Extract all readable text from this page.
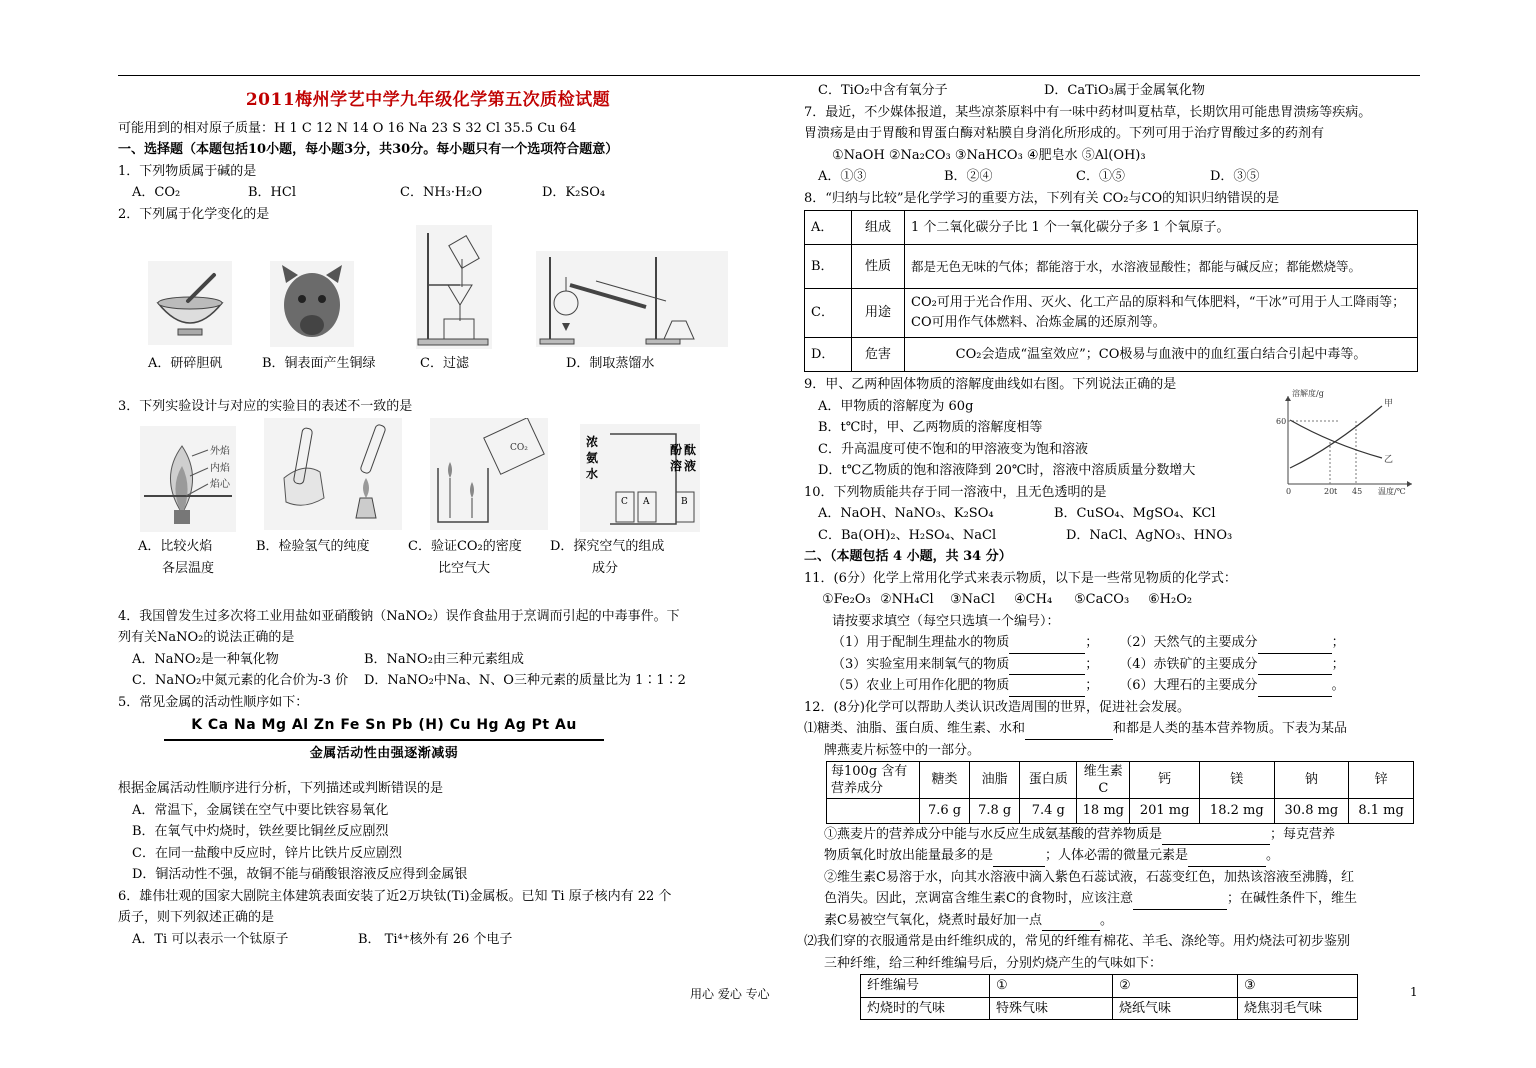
2011梅州学艺中学九年级化学第五次质检试题
可能用到的相对原子质量：H 1 C 12 N 14 O 16 Na 23 S 32 Cl 35.5 Cu 64
一、选择题（本题包括10小题，每小题3分，共30分。每小题只有一个选项符合题意）
1．下列物质属于碱的是
A．CO₂	B．HCl	C．NH₃·H₂O	D．K₂SO₄
2．下列属于化学变化的是
A．研碎胆矾	B．铜表面产生铜绿	C．过滤	D．制取蒸馏水
3．下列实验设计与对应的实验目的表述不一致的是
外焰
内焰
焰心
CO₂
C A	B
浓
氨
水
酚 酞
溶 液
A．比较火焰	B．检验氢气的纯度	C．验证CO₂的密度 D．探究空气的组成
各层温度	比空气大	成分
4．我国曾发生过多次将工业用盐如亚硝酸钠（NaNO₂）误作食盐用于烹调而引起的中毒事件。下
列有关NaNO₂的说法正确的是
A．NaNO₂是一种氧化物	B．NaNO₂由三种元素组成
C．NaNO₂中氮元素的化合价为-3 价	D．NaNO₂中Na、N、O三种元素的质量比为 1∶1∶2
5．常见金属的活动性顺序如下：
K Ca Na Mg Al Zn Fe Sn Pb (H) Cu Hg Ag Pt Au
金属活动性由强逐渐减弱
根据金属活动性顺序进行分析，下列描述或判断错误的是
A．常温下，金属镁在空气中要比铁容易氧化
B．在氧气中灼烧时，铁丝要比铜丝反应剧烈
C．在同一盐酸中反应时，锌片比铁片反应剧烈
D．铜活动性不强，故铜不能与硝酸银溶液反应得到金属银
6．雄伟壮观的国家大剧院主体建筑表面安装了近2万块钛(Ti)金属板。已知 Ti 原子核内有 22 个
质子，则下列叙述正确的是
A．Ti 可以表示一个钛原子	B． Ti⁴⁺核外有 26 个电子
C．TiO₂中含有氧分子	D．CaTiO₃属于金属氧化物
7．最近，不少媒体报道，某些凉茶原料中有一味中药材叫夏枯草，长期饮用可能患胃溃疡等疾病。
胃溃疡是由于胃酸和胃蛋白酶对粘膜自身消化所形成的。下列可用于治疗胃酸过多的药剂有
①NaOH ②Na₂CO₃ ③NaHCO₃ ④肥皂水 ⑤Al(OH)₃
A．①③	B．②④	C．①⑤	D．③⑤
8．“归纳与比较”是化学学习的重要方法，下列有关 CO₂与CO的知识归纳错误的是
A．	组成	1 个二氧化碳分子比 1 个一氧化碳分子多 1 个氧原子。
B．	性质	都是无色无味的气体；都能溶于水，水溶液显酸性；都能与碱反应；都能燃烧等。
C．	用途	CO₂可用于光合作用、灭火、化工产品的原料和气体肥料，“干冰”可用于人工降雨等；CO可用作气体燃料、冶炼金属的还原剂等。
D．	危害	CO₂会造成“温室效应”；CO极易与血液中的血红蛋白结合引起中毒等。
9．甲、乙两种固体物质的溶解度曲线如右图。下列说法正确的是
A．甲物质的溶解度为 60g
B．t℃时，甲、乙两物质的溶解度相等
C．升高温度可使不饱和的甲溶液变为饱和溶液
D．t℃乙物质的饱和溶液降到 20℃时，溶液中溶质质量分数增大
10．下列物质能共存于同一溶液中，且无色透明的是
A．NaOH、NaNO₃、K₂SO₄	B．CuSO₄、MgSO₄、KCl
C．Ba(OH)₂、H₂SO₄、NaCl	D．NaCl、AgNO₃、HNO₃
二、（本题包括 4 小题，共 34 分）
11．(6分）化学上常用化学式来表示物质，以下是一些常见物质的化学式：
①Fe₂O₃ ②NH₄Cl	③NaCl	④CH₄	⑤CaCO₃	⑥H₂O₂
请按要求填空（每空只选填一个编号）：
（1）用于配制生理盐水的物质	；	（2）天然气的主要成分	；
（3）实验室用来制氧气的物质	；	（4）赤铁矿的主要成分	；
（5）农业上可用作化肥的物质	；	（6）大理石的主要成分	。
12．(8分)化学可以帮助人类认识改造周围的世界，促进社会发展。
⑴糖类、油脂、蛋白质、维生素、水和	和都是人类的基本营养物质。下表为某品
牌燕麦片标签中的一部分。
每100g 含有营养成分	糖类	油脂	蛋白质	维生素C	钙	镁	钠	锌
	7.6 g	7.8 g	7.4 g	18 mg	201 mg	18.2 mg	30.8 mg	8.1 mg
①燕麦片的营养成分中能与水反应生成氨基酸的营养物质是	；每克营养
物质氧化时放出能量最多的是	；人体必需的微量元素是	。
②维生素C易溶于水，向其水溶液中滴入紫色石蕊试液，石蕊变红色，加热该溶液至沸腾，红
色消失。因此，烹调富含维生素C的食物时，应该注意	；在碱性条件下，维生
素C易被空气氧化，烧煮时最好加一点	。
⑵我们穿的衣服通常是由纤维织成的，常见的纤维有棉花、羊毛、涤纶等。用灼烧法可初步鉴别
三种纤维，给三种纤维编号后，分别灼烧产生的气味如下：
纤维编号	①	②	③
灼烧时的气味	特殊气味	烧纸气味	烧焦羽毛气味
溶解度/g
60
甲
乙
0	20 t 45 温度/℃
用心 爱心 专心	1
